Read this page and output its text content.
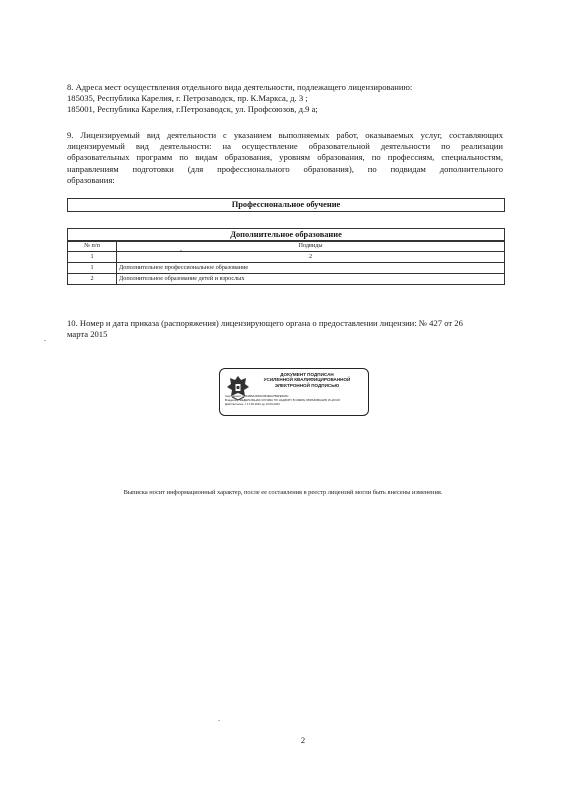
8. Адреса мест осуществления отдельного вида деятельности, подлежащего лицензированию:
185035, Республика Карелия, г. Петрозаводск, пр. К.Маркса, д. 3 ;
185001, Республика Карелия, г.Петрозаводск, ул. Профсоюзов, д.9 а;
9. Лицензируемый вид деятельности с указанием выполняемых работ, оказываемых услуг, составляющих
лицензируемый вид деятельности: на осуществление образовательной деятельности по реализации
образовательных программ по видам образования, уровням образования, по профессиям, специальностям,
направлениям подготовки (для профессионального образования), по подвидам дополнительного
образования:
Профессиональное обучение
Дополнительное образование
№ п/п	Подвиды
1	2
1	Дополнительное профессиональное образование
2	Дополнительное образование детей и взрослых
10. Номер и дата приказа (распоряжения) лицензирующего органа о предоставлении лицензии: № 427 от 26
марта 2015
ДОКУМЕНТ ПОДПИСАН
УСИЛЕННОЙ КВАЛИФИЦИРОВАННОЙ
ЭЛЕКТРОННОЙ ПОДПИСЬЮ
Сертификат: 0BF2B6A1D52C653E0A7B9FE5A5C
Владелец: ФЕДЕРАЛЬНАЯ СЛУЖБА ПО НАДЗОРУ В СФЕРЕ ОБРАЗОВАНИЯ И НАУКИ
Действителен: с 17.06.2022 до 10.09.2023
Выписка носит информационный характер, после ее составления в реестр лицензий могли быть внесены изменения.
2
